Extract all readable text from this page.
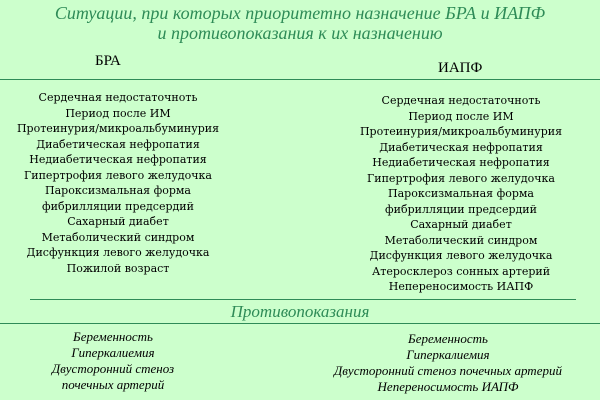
Ситуации, при которых приоритетно назначение БРА и ИАПФ
и противопоказания к их назначению
БРА	ИАПФ
Сердечная недостаточноть
Период после ИМ
Протеинурия/микроальбуминурия
Диабетическая нефропатия
Недиабетическая нефропатия
Гипертрофия левого желудочка
Пароксизмальная форма
фибрилляции предсердий
Сахарный диабет
Метаболический синдром
Дисфункция левого желудочка
Пожилой возраст
Сердечная недостаточноть
Период после ИМ
Протеинурия/микроальбуминурия
Диабетическая нефропатия
Недиабетическая нефропатия
Гипертрофия левого желудочка
Пароксизмальная форма
фибрилляции предсердий
Сахарный диабет
Метаболический синдром
Дисфункция левого желудочка
Атеросклероз сонных артерий
Непереносимость ИАПФ
Противопоказания
Беременность
Гиперкалиемия
Двусторонний стеноз
почечных артерий
Беременность
Гиперкалиемия
Двусторонний стеноз почечных артерий
Непереносимость ИАПФ
